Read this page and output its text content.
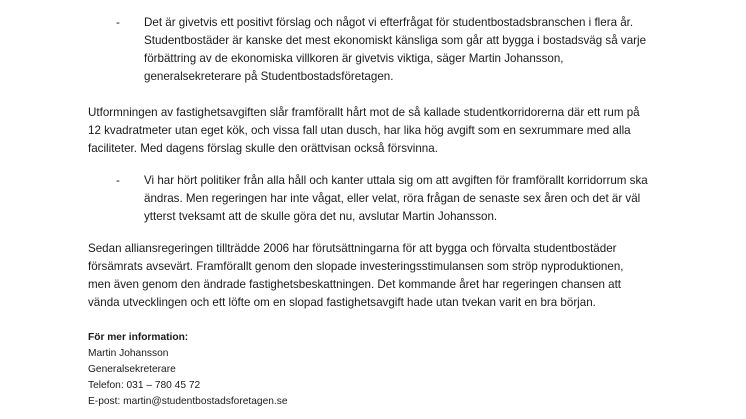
- Det är givetvis ett positivt förslag och något vi efterfrågat för studentbostadsbranschen i flera år.
Studentbostäder är kanske det mest ekonomiskt känsliga som går att bygga i bostadsväg så varje
förbättring av de ekonomiska villkoren är givetvis viktiga, säger Martin Johansson,
generalsekreterare på Studentbostadsföretagen.
Utformningen av fastighetsavgiften slår framförallt hårt mot de så kallade studentkorridorerna där ett rum på
12 kvadratmeter utan eget kök, och vissa fall utan dusch, har lika hög avgift som en sexrummare med alla
faciliteter. Med dagens förslag skulle den orättvisan också försvinna.
- Vi har hört politiker från alla håll och kanter uttala sig om att avgiften för framförallt korridorrum ska
ändras. Men regeringen har inte vågat, eller velat, röra frågan de senaste sex åren och det är väl
ytterst tveksamt att de skulle göra det nu, avslutar Martin Johansson.
Sedan alliansregeringen tillträdde 2006 har förutsättningarna för att bygga och förvalta studentbostäder
försämrats avsevärt. Framförallt genom den slopade investeringsstimulansen som ströp nyproduktionen,
men även genom den ändrade fastighetsbeskattningen. Det kommande året har regeringen chansen att
vända utvecklingen och ett löfte om en slopad fastighetsavgift hade utan tvekan varit en bra början.
För mer information:
Martin Johansson
Generalsekreterare
Telefon: 031 – 780 45 72
E-post: martin@studentbostadsforetagen.se
